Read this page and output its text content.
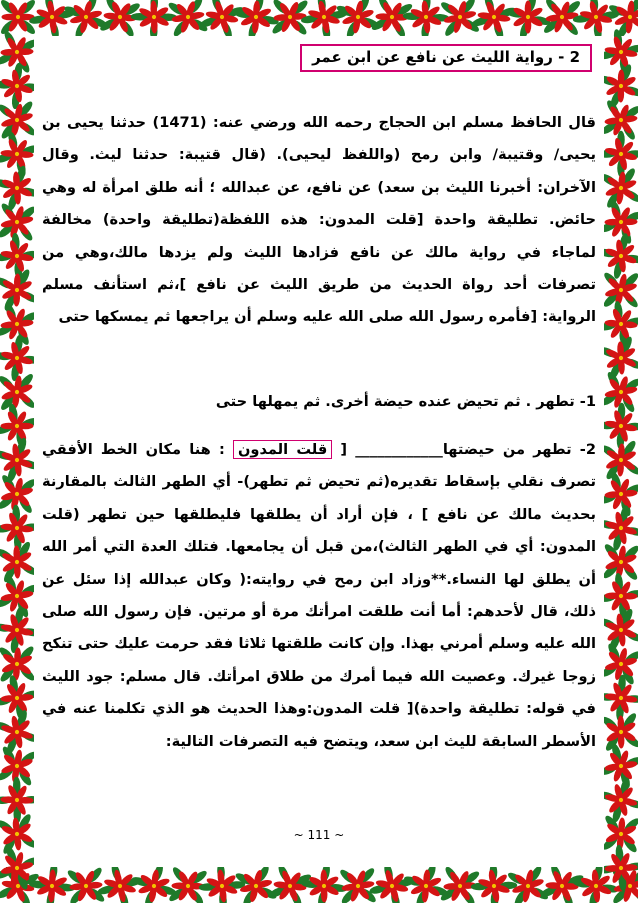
2 - رواية الليث عن نافع عن ابن عمر
قال الحافظ مسلم ابن الحجاج رحمه الله ورضي عنه: (1471) حدثنا يحيى بن يحيى/ وقتيبة/ وابن رمح (واللفظ ليحيى). (قال قتيبة: حدثنا ليث. وقال الآخران: أخبرنا الليث بن سعد) عن نافع، عن عبدالله ؛ أنه طلق امرأة له وهي حائض. تطليقة واحدة [قلت المدون: هذه اللفظة(تطليقة واحدة) مخالفة لماجاء في رواية مالك عن نافع فزادها الليث ولم يزدها مالك،وهي من تصرفات أحد رواة الحديث من طريق الليث عن نافع ]،ثم استأنف مسلم الرواية: [فأمره رسول الله صلى الله عليه وسلم أن يراجعها ثم يمسكها حتى
1- تطهر . ثم تحيض عنده حيضة أخرى. ثم يمهلها حتى
2- تطهر من حيضتها____________ [ قلت المدون : هنا مكان الخط الأفقي تصرف نقلي بإسقاط تقديره(ثم تحيض ثم تطهر)- أي الطهر الثالث بالمقارنة بحديث مالك عن نافع ] ، فإن أراد أن يطلقها فليطلقها حين تطهر (قلت المدون: أي في الطهر الثالث)،من قبل أن يجامعها. فتلك العدة التي أمر الله أن يطلق لها النساء.**وزاد ابن رمح في روايته:( وكان عبدالله إذا سئل عن ذلك، قال لأحدهم: أما أنت طلقت امرأتك مرة أو مرتين. فإن رسول الله صلى الله عليه وسلم أمرني بهذا. وإن كانت طلقتها ثلاثا فقد حرمت عليك حتى تنكح زوجا غيرك. وعصيت الله فيما أمرك من طلاق امرأتك. قال مسلم: جود الليث في قوله: تطليقة واحدة)[ قلت المدون:وهذا الحديث هو الذي تكلمنا عنه في الأسطر السابقة لليث ابن سعد، ويتضح فيه التصرفات التالية:
~ 111 ~
